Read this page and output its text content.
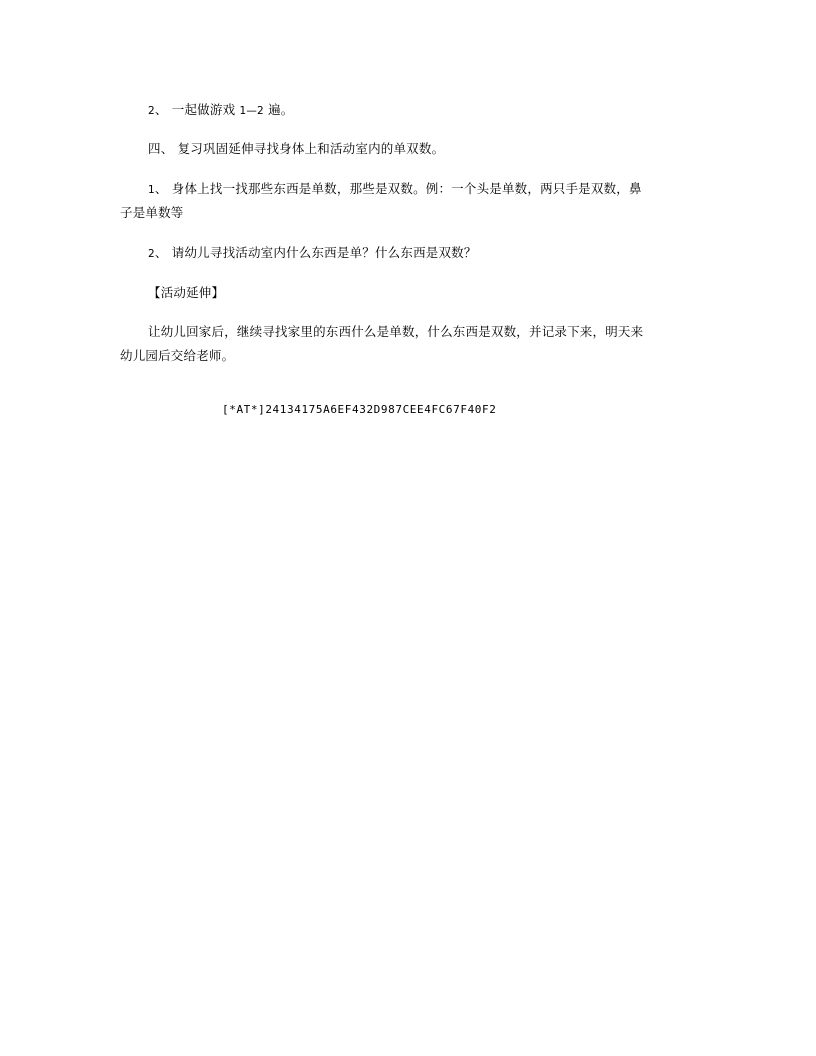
2、 一起做游戏 1—2 遍。
四、 复习巩固延伸寻找身体上和活动室内的单双数。
1、 身体上找一找那些东西是单数，那些是双数。例：一个头是单数，两只手是双数，鼻
子是单数等
2、 请幼儿寻找活动室内什么东西是单？什么东西是双数？
【活动延伸】
让幼儿回家后，继续寻找家里的东西什么是单数，什么东西是双数，并记录下来，明天来
幼儿园后交给老师。
[*AT*]24134175A6EF432D987CEE4FC67F40F2
